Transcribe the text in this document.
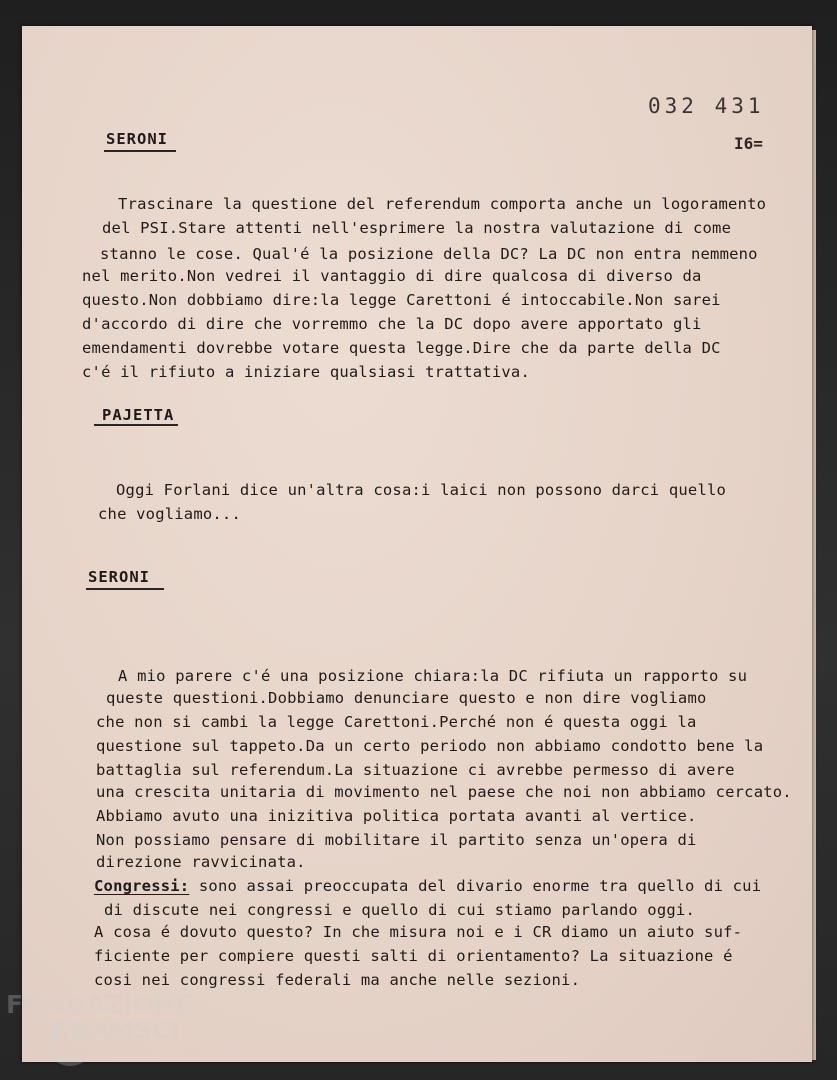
032 431
I6=
SERONI
Trascinare la questione del referendum comporta anche un logoramento
del PSI.Stare attenti nell'esprimere la nostra valutazione di come
stanno le cose. Qual'é la posizione della DC? La DC non entra nemmeno
nel merito.Non vedrei il vantaggio di dire qualcosa di diverso da
questo.Non dobbiamo dire:la legge Carettoni é intoccabile.Non sarei
d'accordo di dire che vorremmo che la DC dopo avere apportato gli
emendamenti dovrebbe votare questa legge.Dire che da parte della DC
c'é il rifiuto a iniziare qualsiasi trattativa.
PAJETTA
Oggi Forlani dice un'altra cosa:i laici non possono darci quello
che vogliamo...
SERONI
A mio parere c'é una posizione chiara:la DC rifiuta un rapporto su
queste questioni.Dobbiamo denunciare questo e non dire vogliamo
che non si cambi la legge Carettoni.Perché non é questa oggi la
questione sul tappeto.Da un certo periodo non abbiamo condotto bene la
battaglia sul referendum.La situazione ci avrebbe permesso di avere
una crescita unitaria di movimento nel paese che noi non abbiamo cercato.
Abbiamo avuto una inizitiva politica portata avanti al vertice.
Non possiamo pensare di mobilitare il partito senza un'opera di
direzione ravvicinata.
Congressi: sono assai preoccupata del divario enorme tra quello di cui
di discute nei congressi e quello di cui stiamo parlando oggi.
A cosa é dovuto questo? In che misura noi e i CR diamo un aiuto suf-
ficiente per compiere questi salti di orientamento? La situazione é
cosi nei congressi federali ma anche nelle sezioni.
FONDAZIONE
GRAMSCI
onlus
